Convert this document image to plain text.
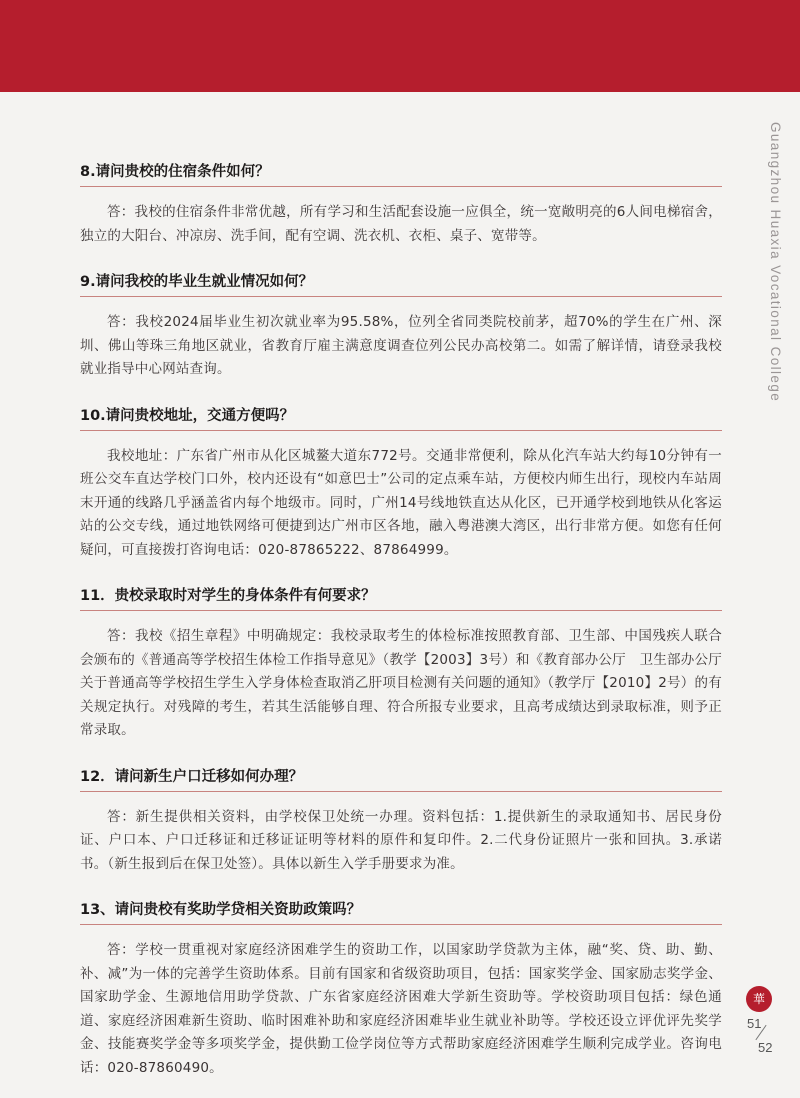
Guangzhou Huaxia Vocational College
8.请问贵校的住宿条件如何？
答：我校的住宿条件非常优越，所有学习和生活配套设施一应俱全，统一宽敞明亮的6人间电梯宿舍，独立的大阳台、冲凉房、洗手间，配有空调、洗衣机、衣柜、桌子、宽带等。
9.请问我校的毕业生就业情况如何？
答：我校2024届毕业生初次就业率为95.58%，位列全省同类院校前茅，超70%的学生在广州、深圳、佛山等珠三角地区就业，省教育厅雇主满意度调查位列公民办高校第二。如需了解详情，请登录我校就业指导中心网站查询。
10.请问贵校地址，交通方便吗？
我校地址：广东省广州市从化区城鳌大道东772号。交通非常便利，除从化汽车站大约每10分钟有一班公交车直达学校门口外，校内还设有“如意巴士”公司的定点乘车站，方便校内师生出行，现校内车站周末开通的线路几乎涵盖省内每个地级市。同时，广州14号线地铁直达从化区，已开通学校到地铁从化客运站的公交专线，通过地铁网络可便捷到达广州市区各地，融入粤港澳大湾区，出行非常方便。如您有任何疑问，可直接拨打咨询电话：020-87865222、87864999。
11．贵校录取时对学生的身体条件有何要求？
答：我校《招生章程》中明确规定：我校录取考生的体检标准按照教育部、卫生部、中国残疾人联合会颁布的《普通高等学校招生体检工作指导意见》（教学【2003】3号）和《教育部办公厅　卫生部办公厅关于普通高等学校招生学生入学身体检查取消乙肝项目检测有关问题的通知》（教学厅【2010】2号）的有关规定执行。对残障的考生，若其生活能够自理、符合所报专业要求，且高考成绩达到录取标准，则予正常录取。
12．请问新生户口迁移如何办理？
答：新生提供相关资料，由学校保卫处统一办理。资料包括：1.提供新生的录取通知书、居民身份证、户口本、户口迁移证和迁移证证明等材料的原件和复印件。2.二代身份证照片一张和回执。3.承诺书。（新生报到后在保卫处签）。具体以新生入学手册要求为准。
13、请问贵校有奖助学贷相关资助政策吗？
答：学校一贯重视对家庭经济困难学生的资助工作，以国家助学贷款为主体，融“奖、贷、助、勤、补、减”为一体的完善学生资助体系。目前有国家和省级资助项目，包括：国家奖学金、国家励志奖学金、国家助学金、生源地信用助学贷款、广东省家庭经济困难大学新生资助等。学校资助项目包括：绿色通道、家庭经济困难新生资助、临时困难补助和家庭经济困难毕业生就业补助等。学校还设立评优评先奖学金、技能赛奖学金等多项奖学金，提供勤工俭学岗位等方式帮助家庭经济困难学生顺利完成学业。咨询电话：020-87860490。
華
51
52
